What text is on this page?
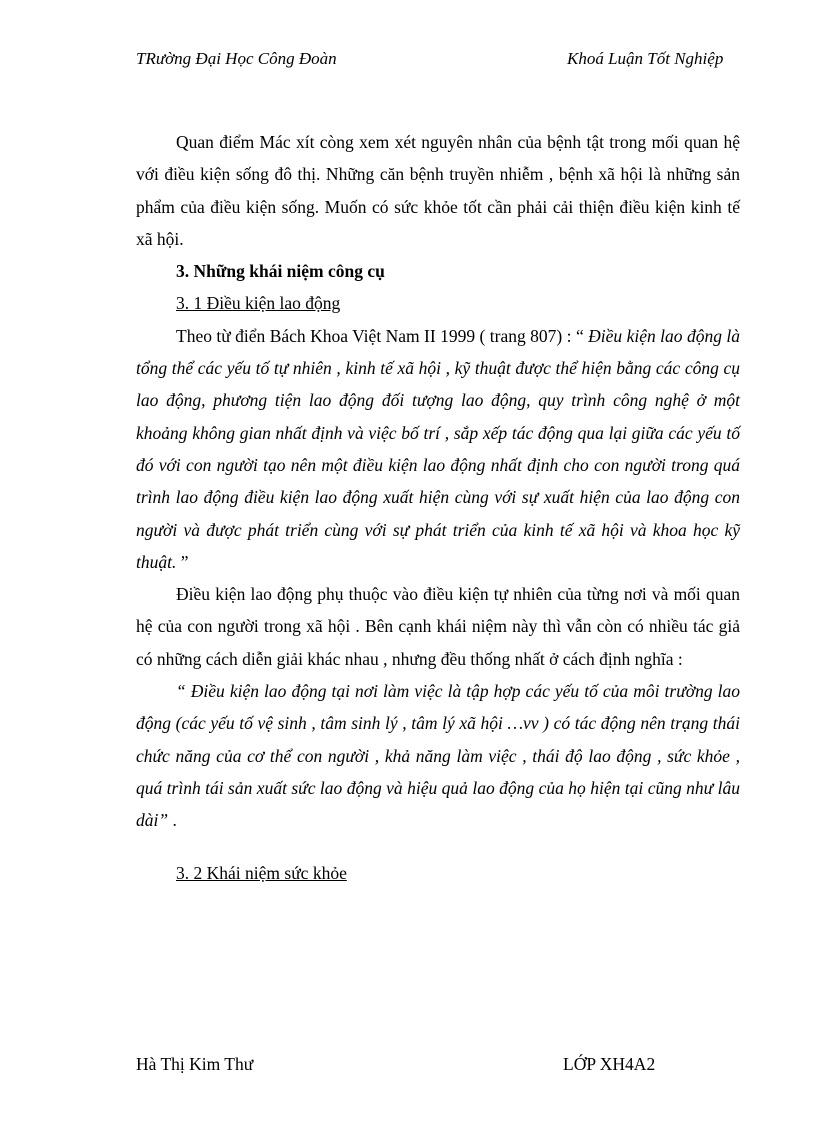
TRường Đại Học Công Đoàn	Khoá Luận Tốt Nghiệp

Quan điểm Mác xít còng xem xét nguyên nhân của bệnh tật trong mối quan hệ với điều kiện sống đô thị. Những căn bệnh truyền nhiễm , bệnh xã hội là những sản phẩm của điều kiện sống. Muốn có sức khỏe tốt cần phải cải thiện điều kiện kinh tế xã hội.

3. Những khái niệm công cụ
3. 1 Điều kiện lao động

Theo từ điển Bách Khoa Việt Nam II 1999 ( trang 807) : “ Điều kiện lao động là tổng thể các yếu tố tự nhiên , kinh tế xã hội , kỹ thuật được thể hiện bằng các công cụ lao động, phương tiện lao động đối tượng lao động, quy trình công nghệ ở một khoảng không gian nhất định và việc bố trí , sắp xếp tác động qua lại giữa các yếu tố đó với con người tạo nên một điều kiện lao động nhất định cho con người trong quá trình lao động điều kiện lao động xuất hiện cùng với sự xuất hiện của lao động con người và được phát triển cùng với sự phát triển của kinh tế xã hội và khoa học kỹ thuật. ”

Điều kiện lao động phụ thuộc vào điều kiện tự nhiên của từng nơi và mối quan hệ của con người trong xã hội . Bên cạnh khái niệm này thì vẫn còn có nhiều tác giả có những cách diễn giải khác nhau , nhưng đều thống nhất ở cách định nghĩa :

“ Điều kiện lao động tại nơi làm việc là tập hợp các yếu tố của môi trường lao động (các yếu tố vệ sinh , tâm sinh lý , tâm lý xã hội …vv ) có tác động nên trạng thái chức năng của cơ thể con người , khả năng làm việc , thái độ lao động , sức khỏe , quá trình tái sản xuất sức lao động và hiệu quả lao động của họ hiện tại cũng như lâu dài” .

3. 2 Khái niệm sức khỏe
Hà Thị Kim Thư	LỚP XH4A2
